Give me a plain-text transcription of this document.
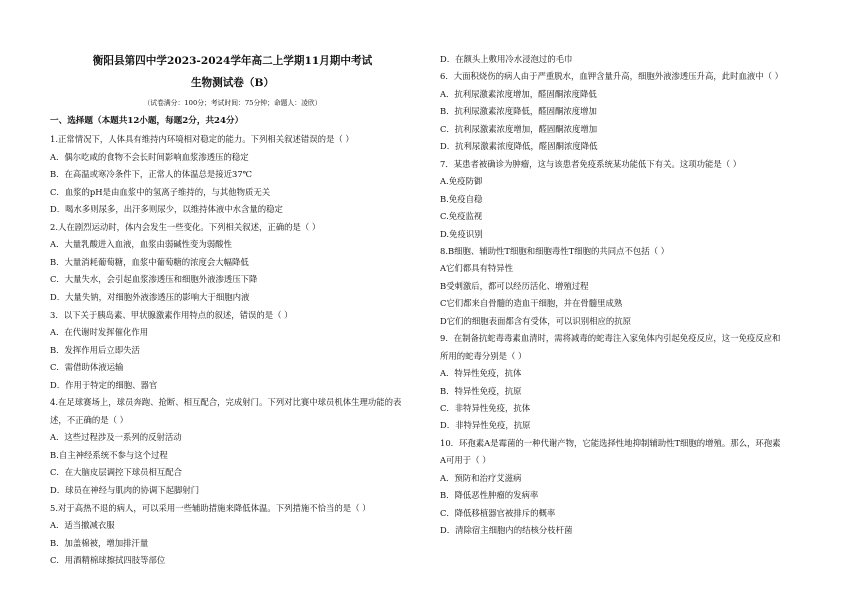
衡阳县第四中学2023-2024学年高二上学期11月期中考试
生物测试卷（B）
（试卷满分：100分；考试时间：75分钟；命题人：凌欣）
一、选择题（本题共12小题，每题2分，共24分）
1.正常情况下，人体具有维持内环境相对稳定的能力。下列相关叙述错误的是（ ）
A．偶尔吃咸的食物不会长时间影响血浆渗透压的稳定
B．在高温或寒冷条件下，正常人的体温总是接近37℃
C．血浆的pH是由血浆中的氢离子维持的，与其他物质无关
D．喝水多则尿多，出汗多则尿少，以维持体液中水含量的稳定
2.人在剧烈运动时，体内会发生一些变化。下列相关叙述，正确的是（ ）
A．大量乳酸进入血液，血浆由弱碱性变为弱酸性
B．大量消耗葡萄糖，血浆中葡萄糖的浓度会大幅降低
C．大量失水，会引起血浆渗透压和细胞外液渗透压下降
D．大量失钠，对细胞外液渗透压的影响大于细胞内液
3．以下关于胰岛素、甲状腺激素作用特点的叙述，错误的是（ ）
A．在代谢时发挥催化作用
B．发挥作用后立即失活
C．需借助体液运输
D．作用于特定的细胞、器官
4.在足球赛场上，球员奔跑、抢断、相互配合，完成射门。下列对比赛中球员机体生理功能的表
述，不正确的是（ ）
A．这些过程涉及一系列的反射活动
B.自主神经系统不参与这个过程
C．在大脑皮层调控下球员相互配合
D．球员在神经与肌肉的协调下起脚射门
5.对于高热不退的病人，可以采用一些辅助措施来降低体温。下列措施不恰当的是（ ）
A．适当撤减衣服
B．加盖棉被，增加排汗量
C．用酒精棉球擦拭四肢等部位
D．在额头上敷用冷水浸泡过的毛巾
6．大面积烧伤的病人由于严重脱水，血钾含量升高，细胞外液渗透压升高，此时血液中（ ）
A．抗利尿激素浓度增加，醛固酮浓度降低
B．抗利尿激素浓度降低，醛固酮浓度增加
C．抗利尿激素浓度增加，醛固酮浓度增加
D．抗利尿激素浓度降低，醛固酮浓度降低
7．某患者被确诊为肿瘤，这与该患者免疫系统某功能低下有关。这项功能是（ ）
A.免疫防御
B.免疫自稳
C.免疫监视
D.免疫识别
8.B细胞、辅助性T细胞和细胞毒性T细胞的共同点不包括（ ）
A它们都具有特异性
B受刺激后，都可以经历活化、增殖过程
C它们都来自骨髓的造血干细胞，并在骨髓里成熟
D它们的细胞表面都含有受体，可以识别相应的抗原
9．在制备抗蛇毒毒素血清时，需将减毒的蛇毒注入家兔体内引起免疫反应，这一免疫反应和
所用的蛇毒分别是（ ）
A．特异性免疫，抗体
B．特异性免疫，抗原
C．非特异性免疫，抗体
D．非特异性免疫，抗原
10．环孢素A是霉菌的一种代谢产物，它能选择性地抑制辅助性T细胞的增殖。那么，环孢素
A可用于（ ）
A．预防和治疗艾滋病
B．降低恶性肿瘤的发病率
C．降低移植器官被排斥的概率
D．清除宿主细胞内的结核分枝杆菌
